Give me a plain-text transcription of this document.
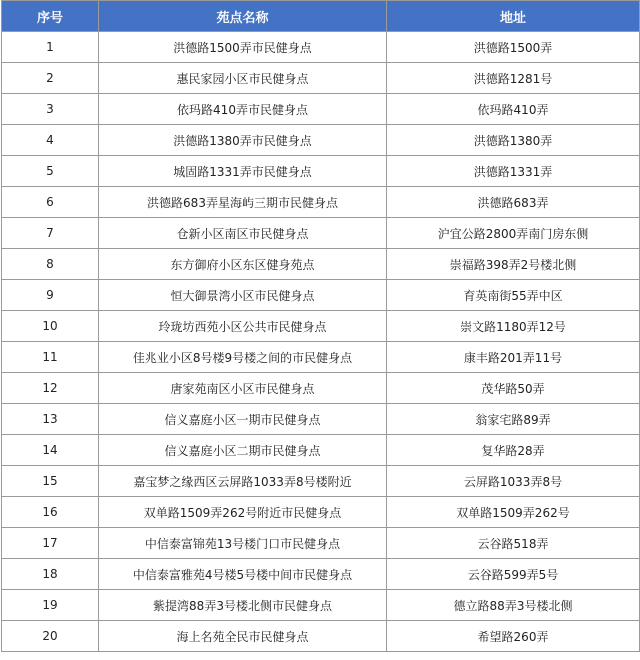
序号	苑点名称	地址
1	洪德路1500弄市民健身点	洪德路1500弄
2	惠民家园小区市民健身点	洪德路1281号
3	依玛路410弄市民健身点	依玛路410弄
4	洪德路1380弄市民健身点	洪德路1380弄
5	城固路1331弄市民健身点	洪德路1331弄
6	洪德路683弄星海屿三期市民健身点	洪德路683弄
7	仓新小区南区市民健身点	沪宜公路2800弄南门房东侧
8	东方御府小区东区健身苑点	崇福路398弄2号楼北侧
9	恒大御景湾小区市民健身点	育英南街55弄中区
10	玲珑坊西苑小区公共市民健身点	崇文路1180弄12号
11	佳兆业小区8号楼9号楼之间的市民健身点	康丰路201弄11号
12	唐家苑南区小区市民健身点	茂华路50弄
13	信义嘉庭小区一期市民健身点	翁家宅路89弄
14	信义嘉庭小区二期市民健身点	复华路28弄
15	嘉宝梦之缘西区云屏路1033弄8号楼附近	云屏路1033弄8号
16	双单路1509弄262号附近市民健身点	双单路1509弄262号
17	中信泰富锦苑13号楼门口市民健身点	云谷路518弄
18	中信泰富雅苑4号楼5号楼中间市民健身点	云谷路599弄5号
19	紫提湾88弄3号楼北侧市民健身点	德立路88弄3号楼北侧
20	海上名苑全民市民健身点	希望路260弄
